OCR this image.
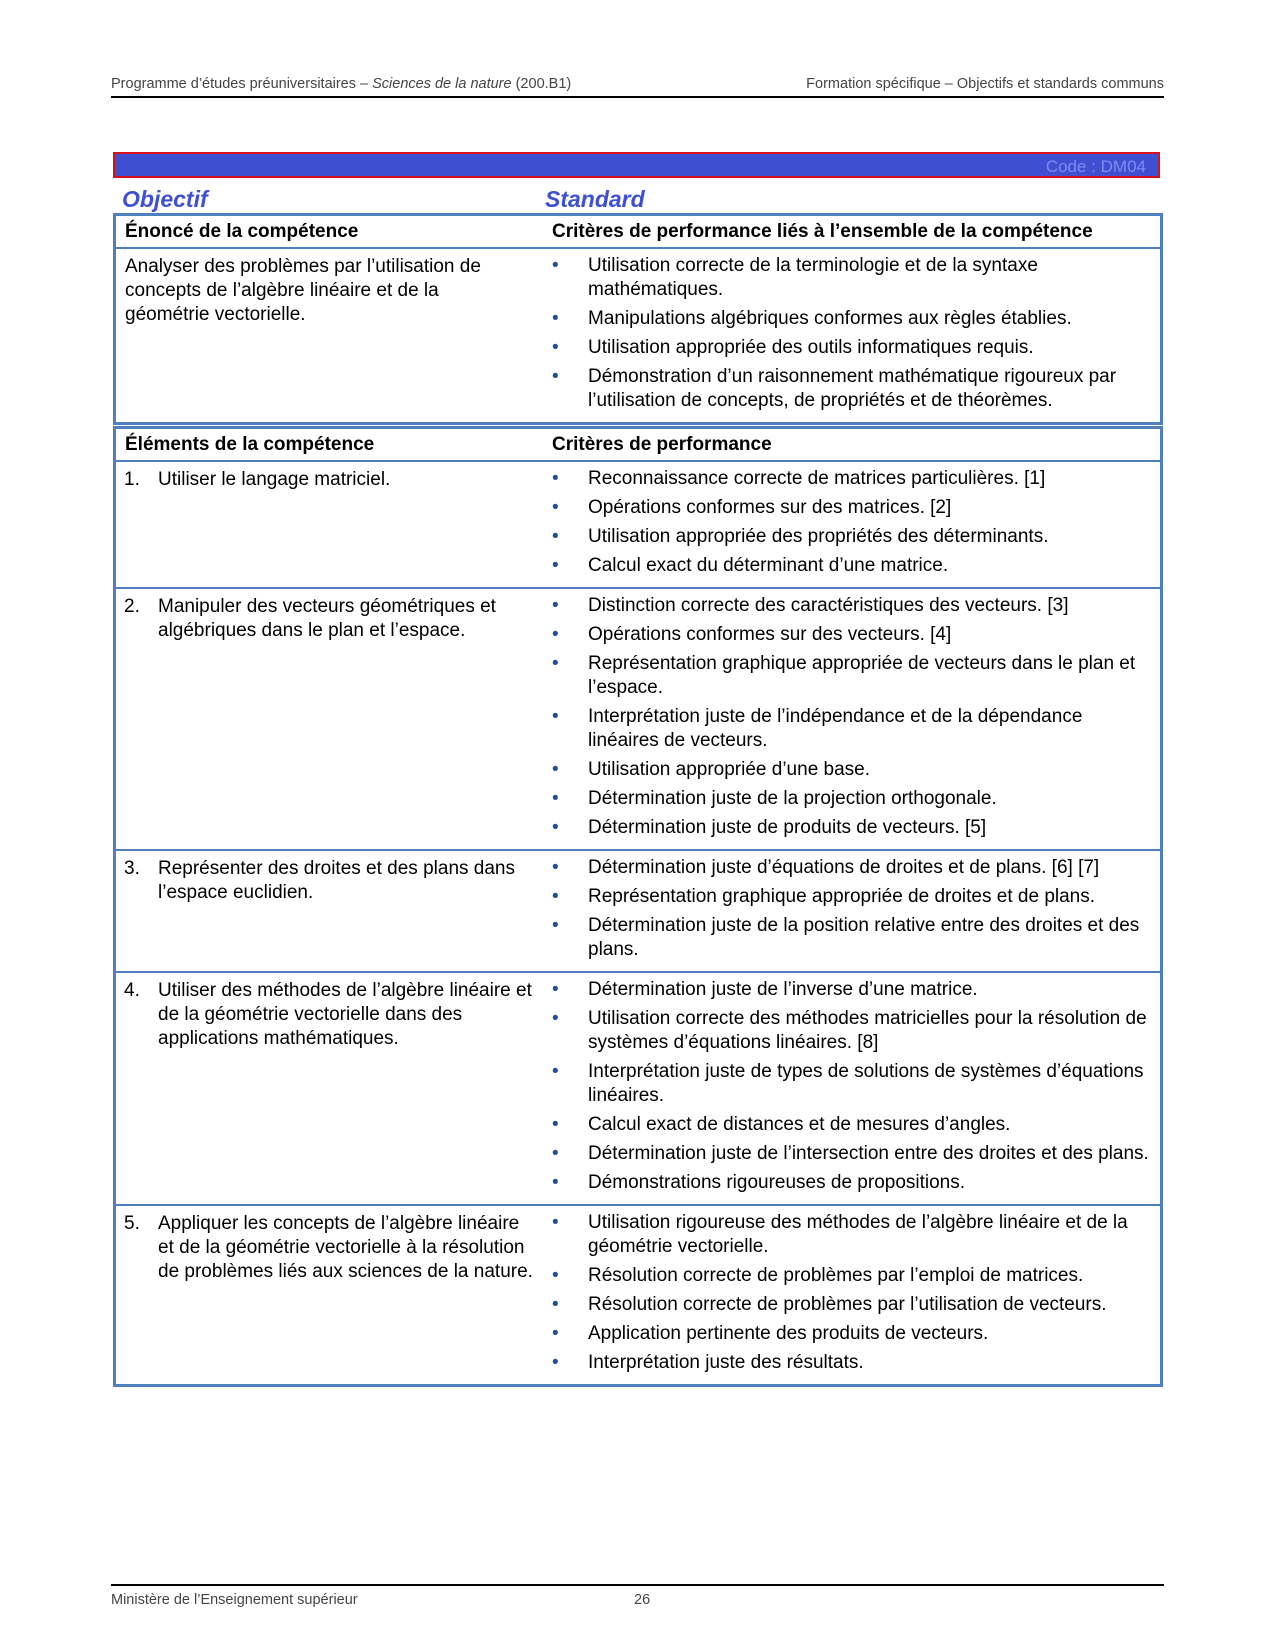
Programme d’études préuniversitaires – Sciences de la nature (200.B1)	Formation spécifique – Objectifs et standards communs
Code : DM04
Objectif	Standard
Énoncé de la compétence	Critères de performance liés à l’ensemble de la compétence
Analyser des problèmes par l’utilisation de concepts de l’algèbre linéaire et de la géométrie vectorielle.
• Utilisation correcte de la terminologie et de la syntaxe mathématiques.
• Manipulations algébriques conformes aux règles établies.
• Utilisation appropriée des outils informatiques requis.
• Démonstration d’un raisonnement mathématique rigoureux par l’utilisation de concepts, de propriétés et de théorèmes.
Éléments de la compétence	Critères de performance
1. Utiliser le langage matriciel.
•	Reconnaissance correcte de matrices particulières. [1]
• Opérations conformes sur des matrices. [2]
• Utilisation appropriée des propriétés des déterminants.
• Calcul exact du déterminant d’une matrice.
2. Manipuler des vecteurs géométriques et algébriques dans le plan et l’espace.
• Distinction correcte des caractéristiques des vecteurs. [3]
• Opérations conformes sur des vecteurs. [4]
• Représentation graphique appropriée de vecteurs dans le plan et l’espace.
• Interprétation juste de l’indépendance et de la dépendance linéaires de vecteurs.
• Utilisation appropriée d’une base.
• Détermination juste de la projection orthogonale.
• Détermination juste de produits de vecteurs. [5]
3. Représenter des droites et des plans dans l’espace euclidien.
• Détermination juste d’équations de droites et de plans. [6] [7]
• Représentation graphique appropriée de droites et de plans.
• Détermination juste de la position relative entre des droites et des plans.
4. Utiliser des méthodes de l’algèbre linéaire et de la géométrie vectorielle dans des applications mathématiques.
• Détermination juste de l’inverse d’une matrice.
• Utilisation correcte des méthodes matricielles pour la résolution de systèmes d’équations linéaires. [8]
• Interprétation juste de types de solutions de systèmes d’équations linéaires.
• Calcul exact de distances et de mesures d’angles.
• Détermination juste de l’intersection entre des droites et des plans.
• Démonstrations rigoureuses de propositions.
5. Appliquer les concepts de l’algèbre linéaire et de la géométrie vectorielle à la résolution de problèmes liés aux sciences de la nature.
• Utilisation rigoureuse des méthodes de l’algèbre linéaire et de la géométrie vectorielle.
• Résolution correcte de problèmes par l’emploi de matrices.
• Résolution correcte de problèmes par l’utilisation de vecteurs.
• Application pertinente des produits de vecteurs.
• Interprétation juste des résultats.
Ministère de l’Enseignement supérieur	26
